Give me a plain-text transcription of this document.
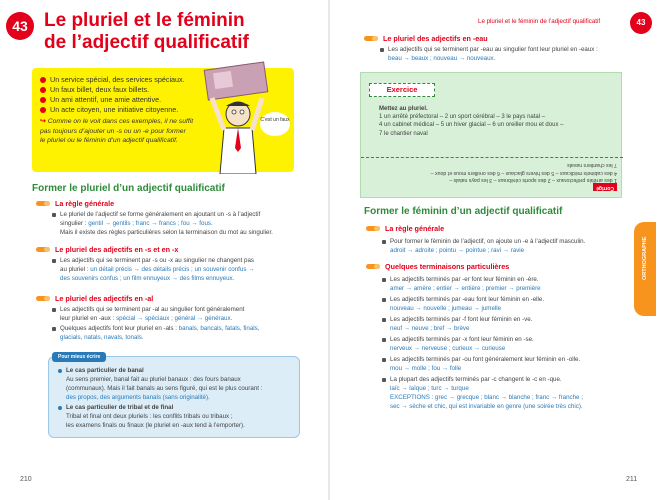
43 Le pluriel et le féminin
de l’adjectif qualificatif
Un service spécial, des services spéciaux.
Un faux billet, deux faux billets.
Un ami attentif, une amie attentive.
Un acte citoyen, une initiative citoyenne.
↪ Comme on le voit dans ces exemples, il ne suffit
pas toujours d’ajouter un -s ou un -e pour former
le pluriel ou le féminin d’un adjectif qualificatif.
C’est un faux
Former le pluriel d’un adjectif qualificatif
La règle générale
Le pluriel de l’adjectif se forme généralement en ajoutant un -s à l’adjectif
singulier : gentil → gentils ; franc → francs ; fou → fous.
Mais il existe des règles particulières selon la terminaison du mot au singulier.
Le pluriel des adjectifs en -s et en -x
Les adjectifs qui se terminent par -s ou -x au singulier ne changent pas
au pluriel : un détail précis → des détails précis ; un souvenir confus →
des souvenirs confus ; un film ennuyeux → des films ennuyeux.
Le pluriel des adjectifs en -al
Les adjectifs qui se terminent par -al au singulier font généralement
leur pluriel en -aux : spécial → spéciaux ; général → généraux.
Quelques adjectifs font leur pluriel en -als : banals, bancals, fatals, finals,
glacials, natals, navals, tonals.
Pour mieux écrire
Le cas particulier de banal
Au sens premier, banal fait au pluriel banaux : des fours banaux
(communaux). Mais il fait banals au sens figuré, qui est le plus courant :
des propos, des arguments banals (sans originalité).
Le cas particulier de tribal et de final
Tribal et final ont deux pluriels : les conflits tribals ou tribaux ;
les examens finals ou finaux (le pluriel en -aux tend à l’emporter).
210
Le pluriel et le féminin de l’adjectif qualificatif	43
Le pluriel des adjectifs en -eau
Les adjectifs qui se terminent par -eau au singulier font leur pluriel en -eaux :
beau → beaux ; nouveau → nouveaux.
Exercice
Mettez au pluriel.
1 un arrêté préfectoral – 2 un sport cérébral – 3 le pays natal –
4 un cabinet médical – 5 un hiver glacial – 6 un oreiller mou et doux –
7 le chantier naval
Corrigé
1 des arrêtés préfectoraux – 2 des sports cérébraux – 3 les pays natals –
4 des cabinets médicaux – 5 des hivers glaciaux – 6 des oreillers mous et doux –
7 les chantiers navals
Former le féminin d’un adjectif qualificatif
La règle générale
Pour former le féminin de l’adjectif, on ajoute un -e à l’adjectif masculin.
adroit → adroite ; pointu → pointue ; ravi → ravie
Quelques terminaisons particulières
Les adjectifs terminés par -er font leur féminin en -ère.
amer → amère ; entier → entière ; premier → première
Les adjectifs terminés par -eau font leur féminin en -elle.
nouveau → nouvelle ; jumeau → jumelle
Les adjectifs terminés par -f font leur féminin en -ve.
neuf → neuve ; bref → brève
Les adjectifs terminés par -x font leur féminin en -se.
nerveux → nerveuse ; curieux → curieuse
Les adjectifs terminés par -ou font généralement leur féminin en -olle.
mou → molle ; fou → folle
La plupart des adjectifs terminés par -c changent le -c en -que.
laïc → laïque ; turc → turque
EXCEPTIONS : grec → grecque ; blanc → blanche ; franc → franche ;
sec → sèche et chic, qui est invariable en genre (une soirée très chic).
ORTHOGRAPHE
211
